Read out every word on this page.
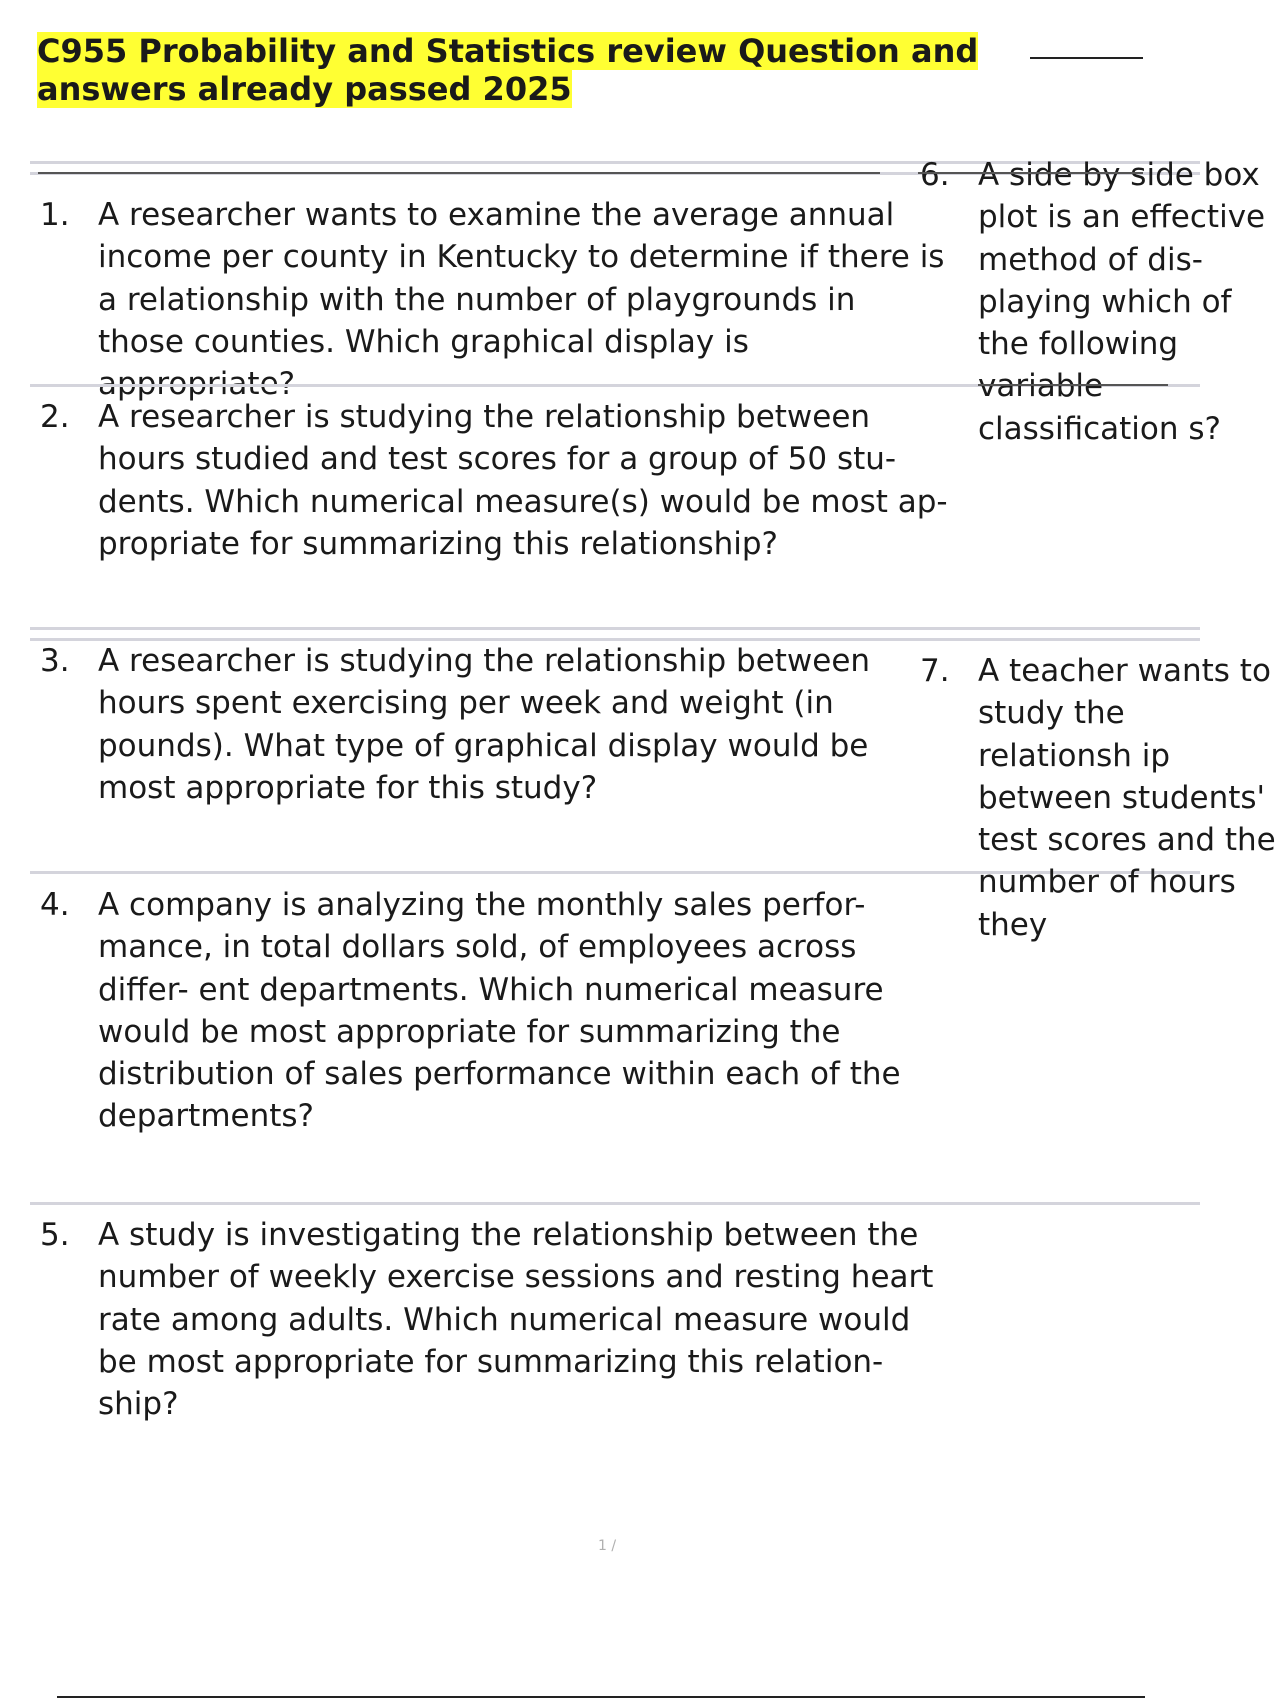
C955 Probability and Statistics review Question and
answers already passed 2025

1. A researcher wants to examine the average annual income per county in Kentucky to determine if there is a relationship with the number of playgrounds in those counties. Which graphical display is appropriate?
2. A researcher is studying the relationship between hours studied and test scores for a group of 50 stu- dents. Which numerical measure(s) would be most ap- propriate for summarizing this relationship?
3. A researcher is studying the relationship between hours spent exercising per week and weight (in pounds). What type of graphical display would be most appropriate for this study?
4. A company is analyzing the monthly sales perfor- mance, in total dollars sold, of employees across differ- ent departments. Which numerical measure would be most appropriate for summarizing the distribution of sales performance within each of the departments?
5. A study is investigating the relationship between the number of weekly exercise sessions and resting heart rate among adults. Which numerical measure would be most appropriate for summarizing this relation- ship?
6. A side by side box plot is an effective method of dis- playing which of the following variable classification s?
7. A teacher wants to study the relationsh ip between students' test scores and the number of hours they
1 /
